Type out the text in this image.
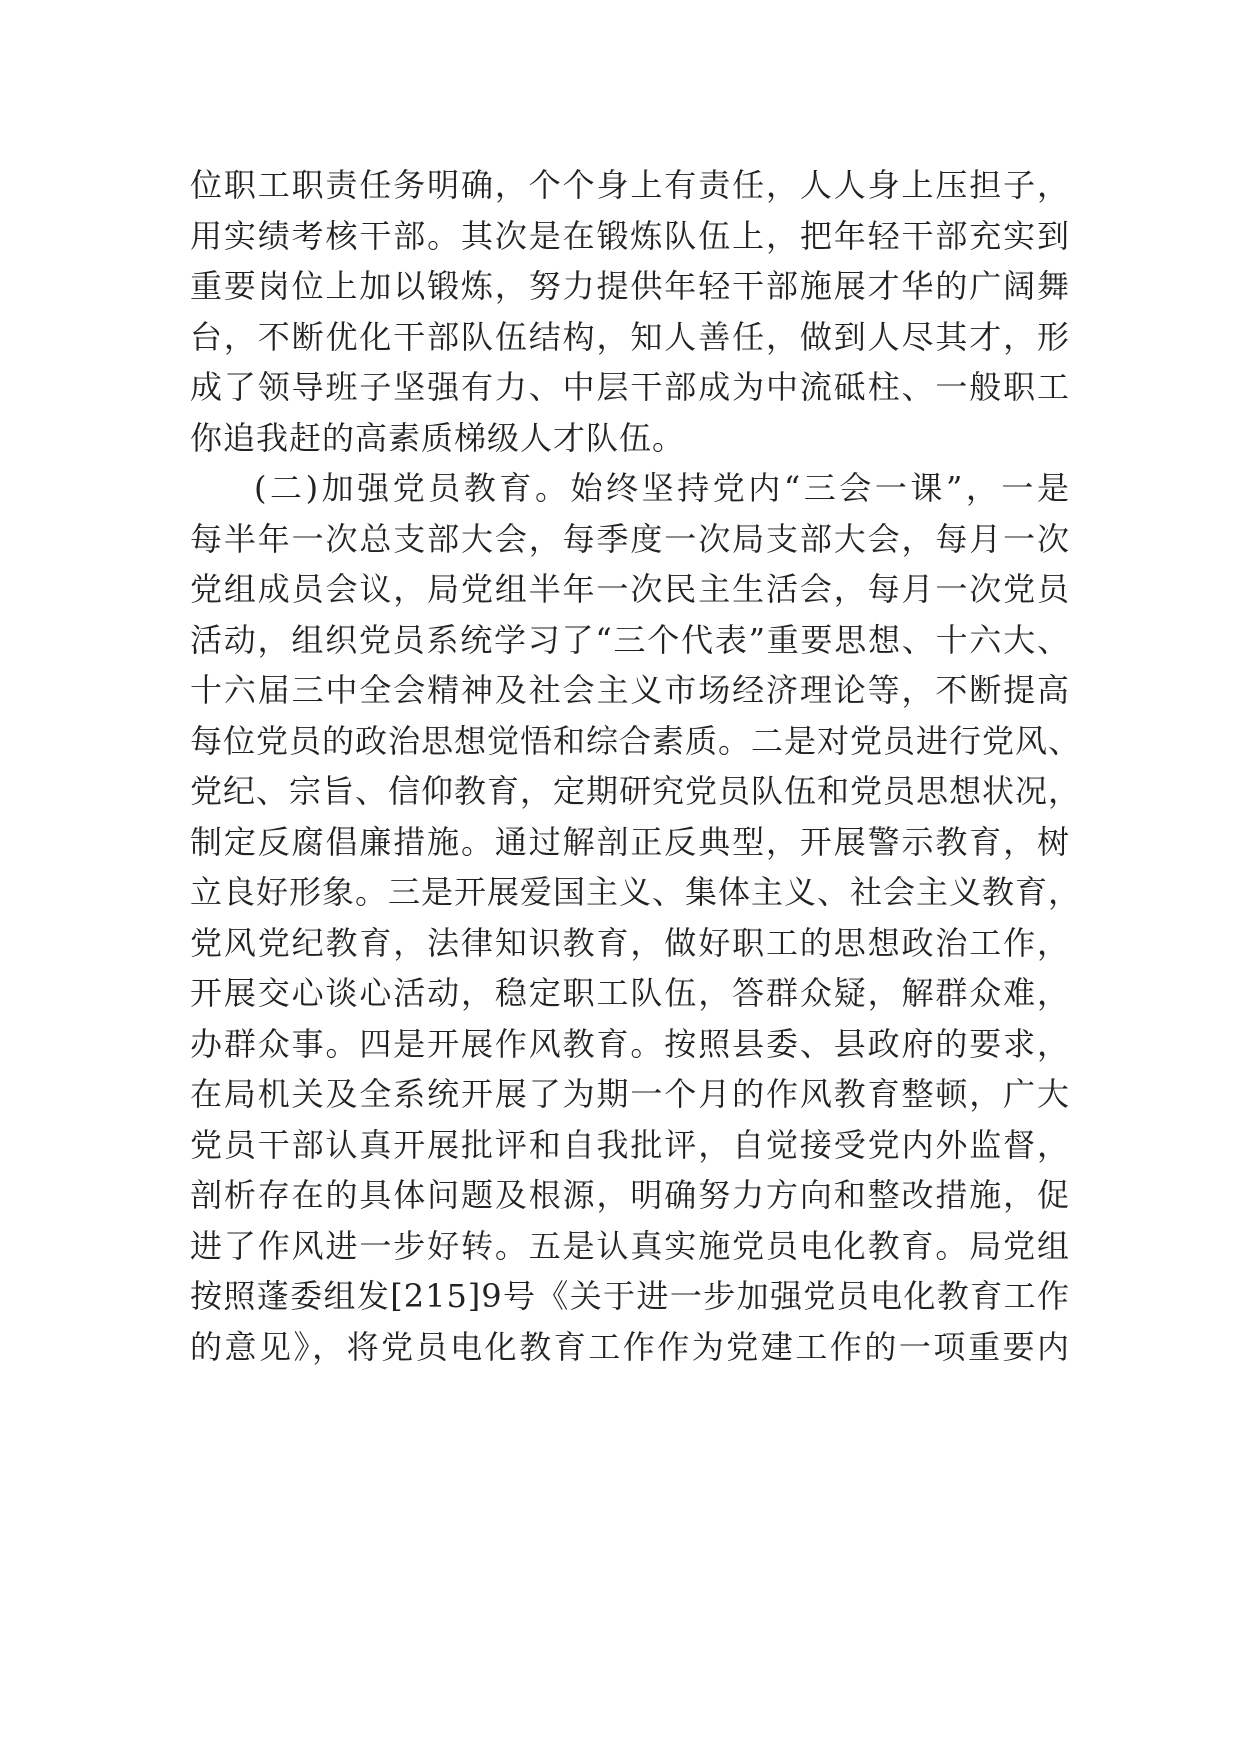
位职工职责任务明确，个个身上有责任，人人身上压担子，
用实绩考核干部。其次是在锻炼队伍上，把年轻干部充实到
重要岗位上加以锻炼，努力提供年轻干部施展才华的广阔舞
台，不断优化干部队伍结构，知人善任，做到人尽其才，形
成了领导班子坚强有力、中层干部成为中流砥柱、一般职工
你追我赶的高素质梯级人才队伍。
(二)加强党员教育。始终坚持党内“三会一课”，一是
每半年一次总支部大会，每季度一次局支部大会，每月一次
党组成员会议，局党组半年一次民主生活会，每月一次党员
活动，组织党员系统学习了“三个代表”重要思想、十六大、
十六届三中全会精神及社会主义市场经济理论等，不断提高
每位党员的政治思想觉悟和综合素质。二是对党员进行党风、
党纪、宗旨、信仰教育，定期研究党员队伍和党员思想状况，
制定反腐倡廉措施。通过解剖正反典型，开展警示教育，树
立良好形象。三是开展爱国主义、集体主义、社会主义教育，
党风党纪教育，法律知识教育，做好职工的思想政治工作，
开展交心谈心活动，稳定职工队伍，答群众疑，解群众难，
办群众事。四是开展作风教育。按照县委、县政府的要求，
在局机关及全系统开展了为期一个月的作风教育整顿，广大
党员干部认真开展批评和自我批评，自觉接受党内外监督，
剖析存在的具体问题及根源，明确努力方向和整改措施，促
进了作风进一步好转。五是认真实施党员电化教育。局党组
按照蓬委组发[215]9号《关于进一步加强党员电化教育工作
的意见》，将党员电化教育工作作为党建工作的一项重要内
